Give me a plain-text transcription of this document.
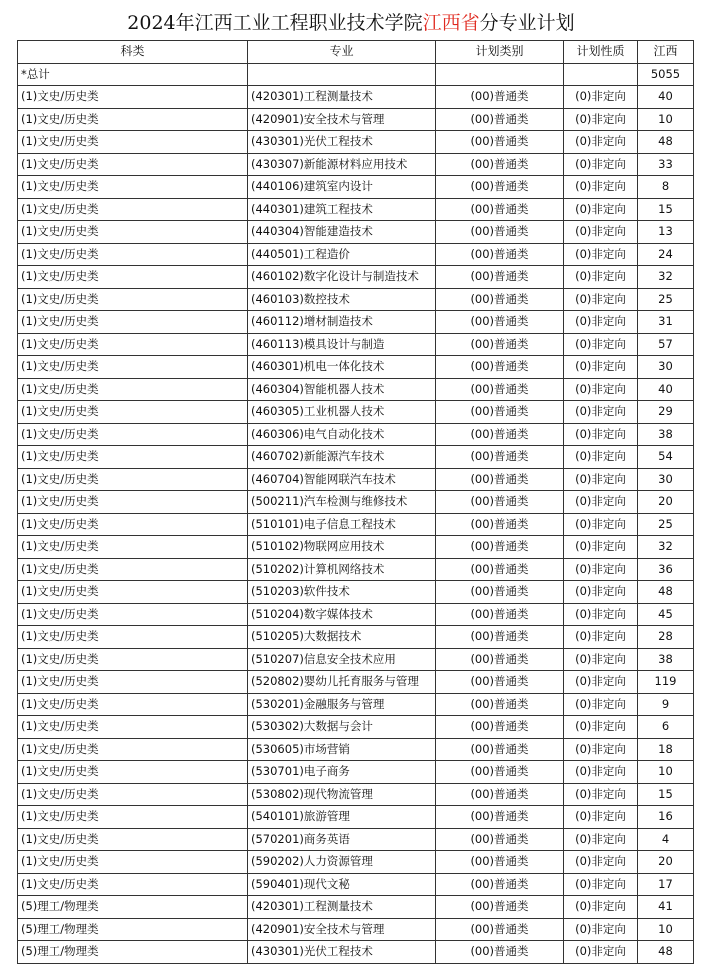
2024年江西工业工程职业技术学院江西省分专业计划
科类	专业	计划类别	计划性质	江西
*总计				5055
(1)文史/历史类	(420301)工程测量技术	(00)普通类	(0)非定向	40
(1)文史/历史类	(420901)安全技术与管理	(00)普通类	(0)非定向	10
(1)文史/历史类	(430301)光伏工程技术	(00)普通类	(0)非定向	48
(1)文史/历史类	(430307)新能源材料应用技术	(00)普通类	(0)非定向	33
(1)文史/历史类	(440106)建筑室内设计	(00)普通类	(0)非定向	8
(1)文史/历史类	(440301)建筑工程技术	(00)普通类	(0)非定向	15
(1)文史/历史类	(440304)智能建造技术	(00)普通类	(0)非定向	13
(1)文史/历史类	(440501)工程造价	(00)普通类	(0)非定向	24
(1)文史/历史类	(460102)数字化设计与制造技术	(00)普通类	(0)非定向	32
(1)文史/历史类	(460103)数控技术	(00)普通类	(0)非定向	25
(1)文史/历史类	(460112)增材制造技术	(00)普通类	(0)非定向	31
(1)文史/历史类	(460113)模具设计与制造	(00)普通类	(0)非定向	57
(1)文史/历史类	(460301)机电一体化技术	(00)普通类	(0)非定向	30
(1)文史/历史类	(460304)智能机器人技术	(00)普通类	(0)非定向	40
(1)文史/历史类	(460305)工业机器人技术	(00)普通类	(0)非定向	29
(1)文史/历史类	(460306)电气自动化技术	(00)普通类	(0)非定向	38
(1)文史/历史类	(460702)新能源汽车技术	(00)普通类	(0)非定向	54
(1)文史/历史类	(460704)智能网联汽车技术	(00)普通类	(0)非定向	30
(1)文史/历史类	(500211)汽车检测与维修技术	(00)普通类	(0)非定向	20
(1)文史/历史类	(510101)电子信息工程技术	(00)普通类	(0)非定向	25
(1)文史/历史类	(510102)物联网应用技术	(00)普通类	(0)非定向	32
(1)文史/历史类	(510202)计算机网络技术	(00)普通类	(0)非定向	36
(1)文史/历史类	(510203)软件技术	(00)普通类	(0)非定向	48
(1)文史/历史类	(510204)数字媒体技术	(00)普通类	(0)非定向	45
(1)文史/历史类	(510205)大数据技术	(00)普通类	(0)非定向	28
(1)文史/历史类	(510207)信息安全技术应用	(00)普通类	(0)非定向	38
(1)文史/历史类	(520802)婴幼儿托育服务与管理	(00)普通类	(0)非定向	119
(1)文史/历史类	(530201)金融服务与管理	(00)普通类	(0)非定向	9
(1)文史/历史类	(530302)大数据与会计	(00)普通类	(0)非定向	6
(1)文史/历史类	(530605)市场营销	(00)普通类	(0)非定向	18
(1)文史/历史类	(530701)电子商务	(00)普通类	(0)非定向	10
(1)文史/历史类	(530802)现代物流管理	(00)普通类	(0)非定向	15
(1)文史/历史类	(540101)旅游管理	(00)普通类	(0)非定向	16
(1)文史/历史类	(570201)商务英语	(00)普通类	(0)非定向	4
(1)文史/历史类	(590202)人力资源管理	(00)普通类	(0)非定向	20
(1)文史/历史类	(590401)现代文秘	(00)普通类	(0)非定向	17
(5)理工/物理类	(420301)工程测量技术	(00)普通类	(0)非定向	41
(5)理工/物理类	(420901)安全技术与管理	(00)普通类	(0)非定向	10
(5)理工/物理类	(430301)光伏工程技术	(00)普通类	(0)非定向	48
